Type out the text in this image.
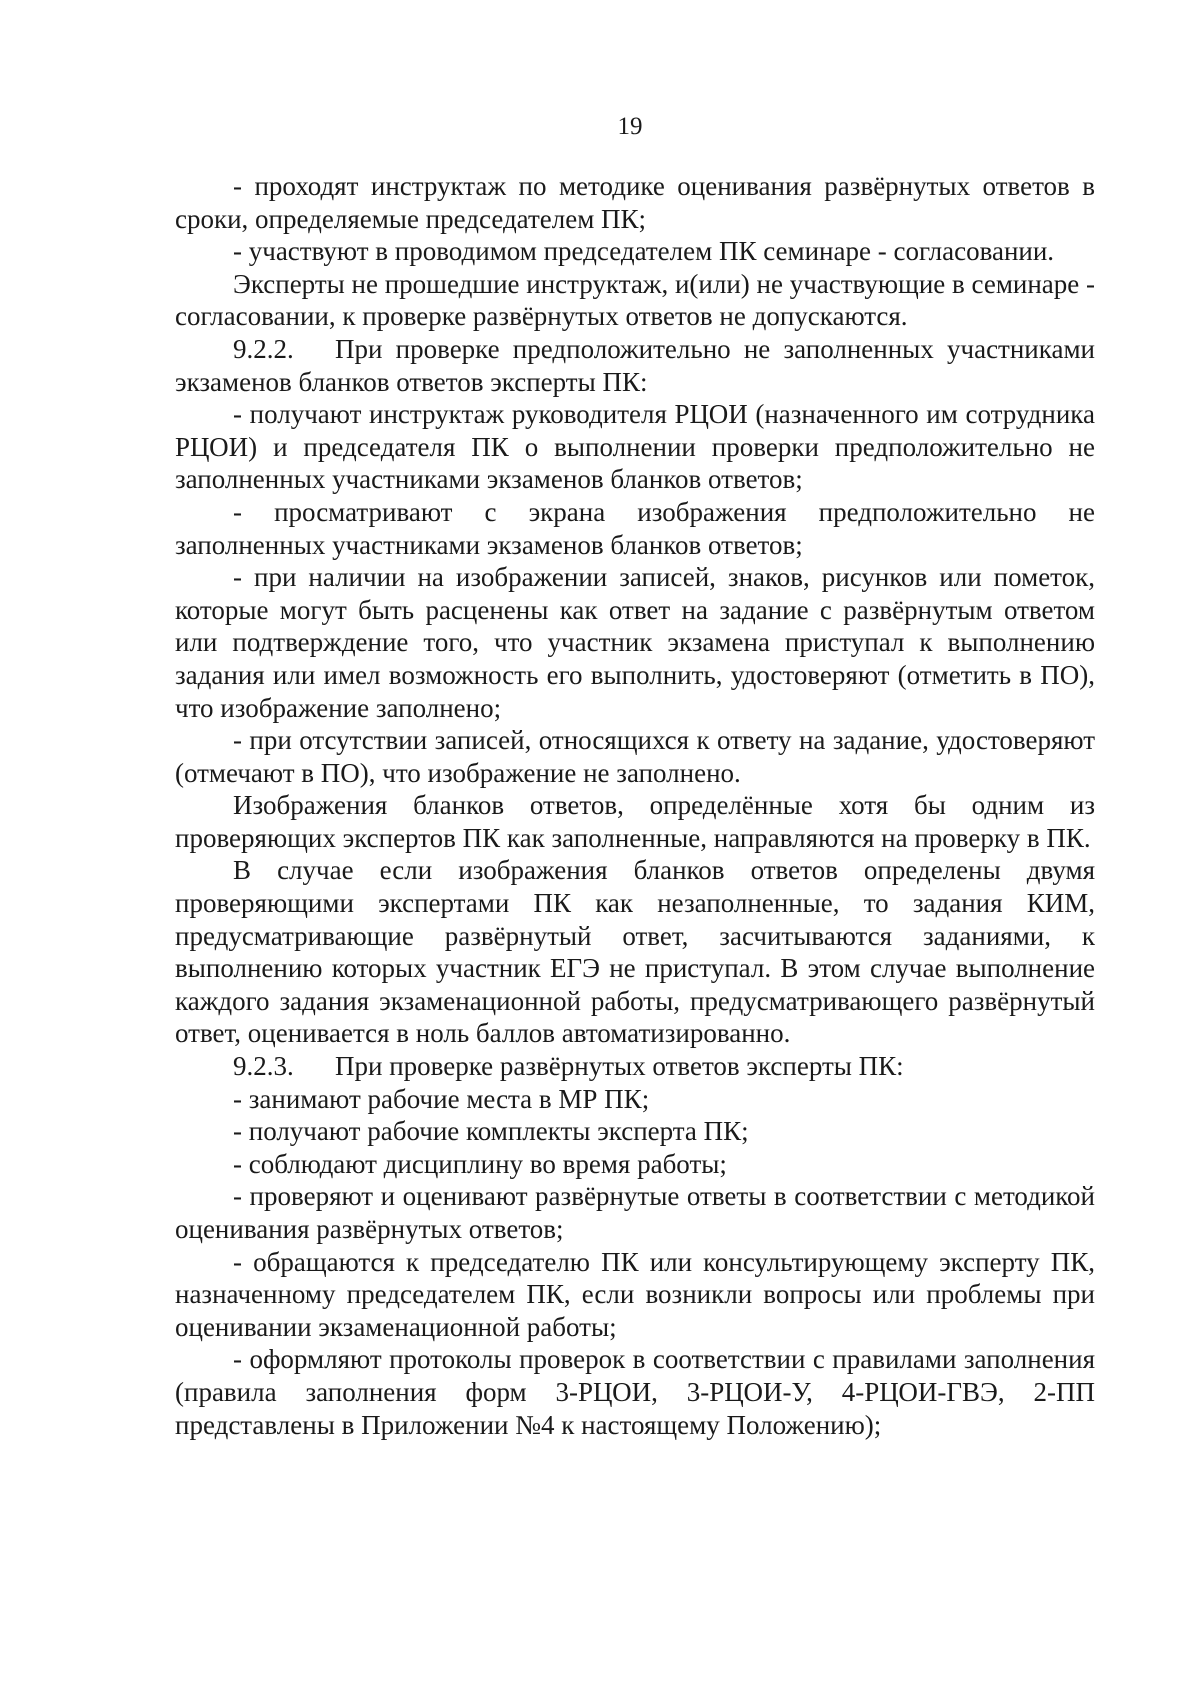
19

- проходят инструктаж по методике оценивания развёрнутых ответов в сроки, определяемые председателем ПК;

- участвуют в проводимом председателем ПК семинаре - согласовании.

Эксперты не прошедшие инструктаж, и(или) не участвующие в семинаре - согласовании, к проверке развёрнутых ответов не допускаются.

9.2.2. При проверке предположительно не заполненных участниками экзаменов бланков ответов эксперты ПК:

- получают инструктаж руководителя РЦОИ (назначенного им сотрудника РЦОИ) и председателя ПК о выполнении проверки предположительно не заполненных участниками экзаменов бланков ответов;

- просматривают с экрана изображения предположительно не заполненных участниками экзаменов бланков ответов;

- при наличии на изображении записей, знаков, рисунков или пометок, которые могут быть расценены как ответ на задание с развёрнутым ответом или подтверждение того, что участник экзамена приступал к выполнению задания или имел возможность его выполнить, удостоверяют (отметить в ПО), что изображение заполнено;

- при отсутствии записей, относящихся к ответу на задание, удостоверяют (отмечают в ПО), что изображение не заполнено.

Изображения бланков ответов, определённые хотя бы одним из проверяющих экспертов ПК как заполненные, направляются на проверку в ПК.

В случае если изображения бланков ответов определены двумя проверяющими экспертами ПК как незаполненные, то задания КИМ, предусматривающие развёрнутый ответ, засчитываются заданиями, к выполнению которых участник ЕГЭ не приступал. В этом случае выполнение каждого задания экзаменационной работы, предусматривающего развёрнутый ответ, оценивается в ноль баллов автоматизированно.

9.2.3. При проверке развёрнутых ответов эксперты ПК:

- занимают рабочие места в МР ПК;

- получают рабочие комплекты эксперта ПК;

- соблюдают дисциплину во время работы;

- проверяют и оценивают развёрнутые ответы в соответствии с методикой оценивания развёрнутых ответов;

- обращаются к председателю ПК или консультирующему эксперту ПК, назначенному председателем ПК, если возникли вопросы или проблемы при оценивании экзаменационной работы;

- оформляют протоколы проверок в соответствии с правилами заполнения (правила заполнения форм 3-РЦОИ, 3-РЦОИ-У, 4-РЦОИ-ГВЭ, 2-ПП представлены в Приложении №4 к настоящему Положению);
